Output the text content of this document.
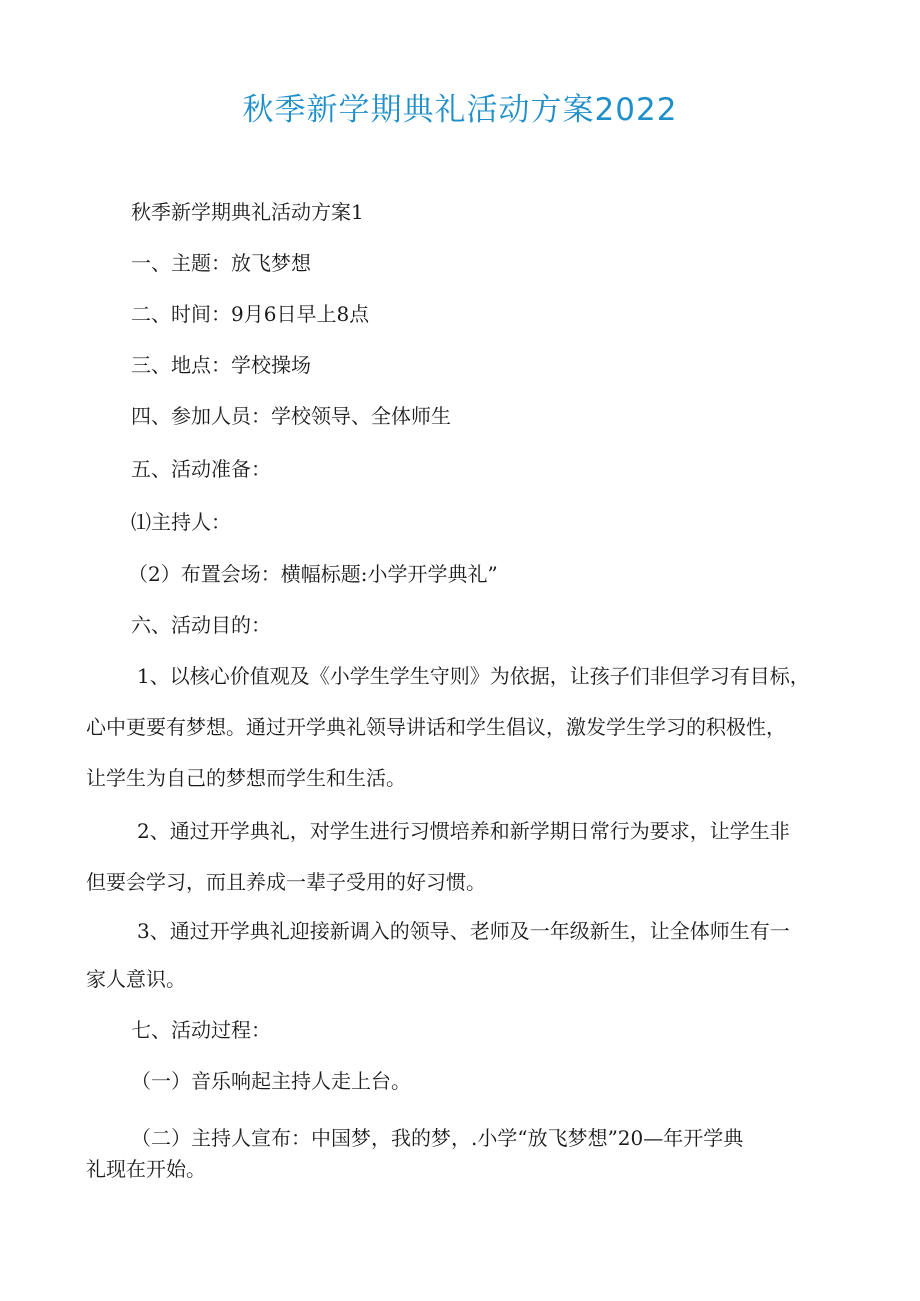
秋季新学期典礼活动方案2022

秋季新学期典礼活动方案1

一、主题：放飞梦想

二、时间：9月6日早上8点

三、地点：学校操场

四、参加人员：学校领导、全体师生

五、活动准备：

⑴主持人：

（2）布置会场：横幅标题:小学开学典礼”

六、活动目的：

1、以核心价值观及《小学生学生守则》为依据，让孩子们非但学习有目标，

心中更要有梦想。通过开学典礼领导讲话和学生倡议，激发学生学习的积极性，

让学生为自己的梦想而学生和生活。

2、通过开学典礼，对学生进行习惯培养和新学期日常行为要求，让学生非

但要会学习，而且养成一辈子受用的好习惯。

3、通过开学典礼迎接新调入的领导、老师及一年级新生，让全体师生有一

家人意识。

七、活动过程：

（一）音乐响起主持人走上台。

（二）主持人宣布：中国梦，我的梦，.小学“放飞梦想”20—年开学典

礼现在开始。
